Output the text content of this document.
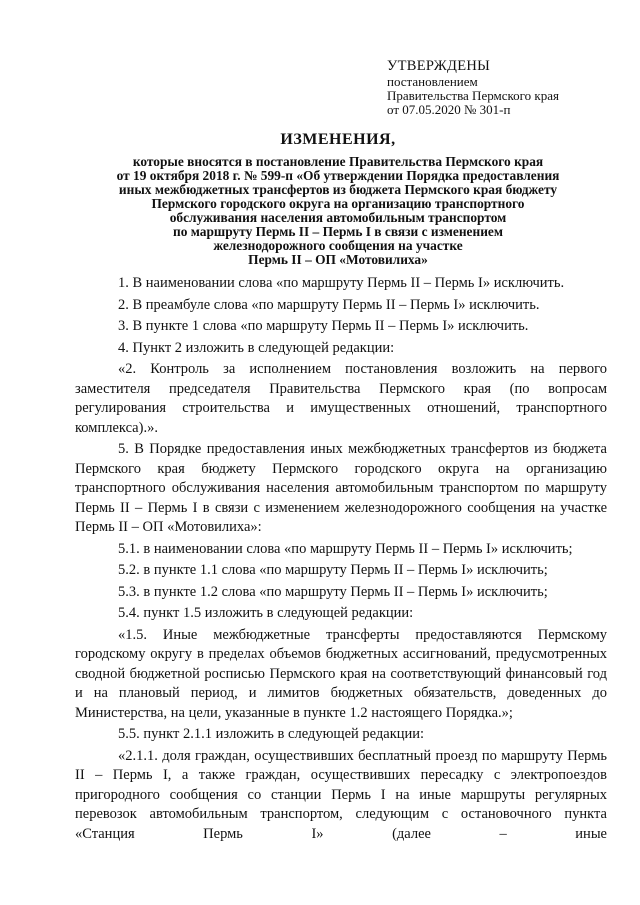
УТВЕРЖДЕНЫ
постановлением
Правительства Пермского края
от 07.05.2020 № 301-п
ИЗМЕНЕНИЯ,
которые вносятся в постановление Правительства Пермского края
от 19 октября 2018 г. № 599-п «Об утверждении Порядка предоставления
иных межбюджетных трансфертов из бюджета Пермского края бюджету
Пермского городского округа на организацию транспортного
обслуживания населения автомобильным транспортом
по маршруту Пермь II – Пермь I в связи с изменением
железнодорожного сообщения на участке
Пермь II – ОП «Мотовилиха»

1. В наименовании слова «по маршруту Пермь II – Пермь I» исключить.

2. В преамбуле слова «по маршруту Пермь II – Пермь I» исключить.

3. В пункте 1 слова «по маршруту Пермь II – Пермь I» исключить.

4. Пункт 2 изложить в следующей редакции:

«2. Контроль за исполнением постановления возложить на первого заместителя председателя Правительства Пермского края (по вопросам регулирования строительства и имущественных отношений, транспортного комплекса).».

5. В Порядке предоставления иных межбюджетных трансфертов из бюджета Пермского края бюджету Пермского городского округа на организацию транспортного обслуживания населения автомобильным транспортом по маршруту Пермь II – Пермь I в связи с изменением железнодорожного сообщения на участке Пермь II – ОП «Мотовилиха»:

5.1. в наименовании слова «по маршруту Пермь II – Пермь I» исключить;

5.2. в пункте 1.1 слова «по маршруту Пермь II – Пермь I» исключить;

5.3. в пункте 1.2 слова «по маршруту Пермь II – Пермь I» исключить;

5.4. пункт 1.5 изложить в следующей редакции:

«1.5. Иные межбюджетные трансферты предоставляются Пермскому городскому округу в пределах объемов бюджетных ассигнований, предусмотренных сводной бюджетной росписью Пермского края на соответствующий финансовый год и на плановый период, и лимитов бюджетных обязательств, доведенных до Министерства, на цели, указанные в пункте 1.2 настоящего Порядка.»;

5.5. пункт 2.1.1 изложить в следующей редакции:

«2.1.1. доля граждан, осуществивших бесплатный проезд по маршруту Пермь II – Пермь I, а также граждан, осуществивших пересадку с электропоездов пригородного сообщения со станции Пермь I на иные маршруты регулярных перевозок автомобильным транспортом, следующим с остановочного пункта «Станция Пермь I» (далее – иные
